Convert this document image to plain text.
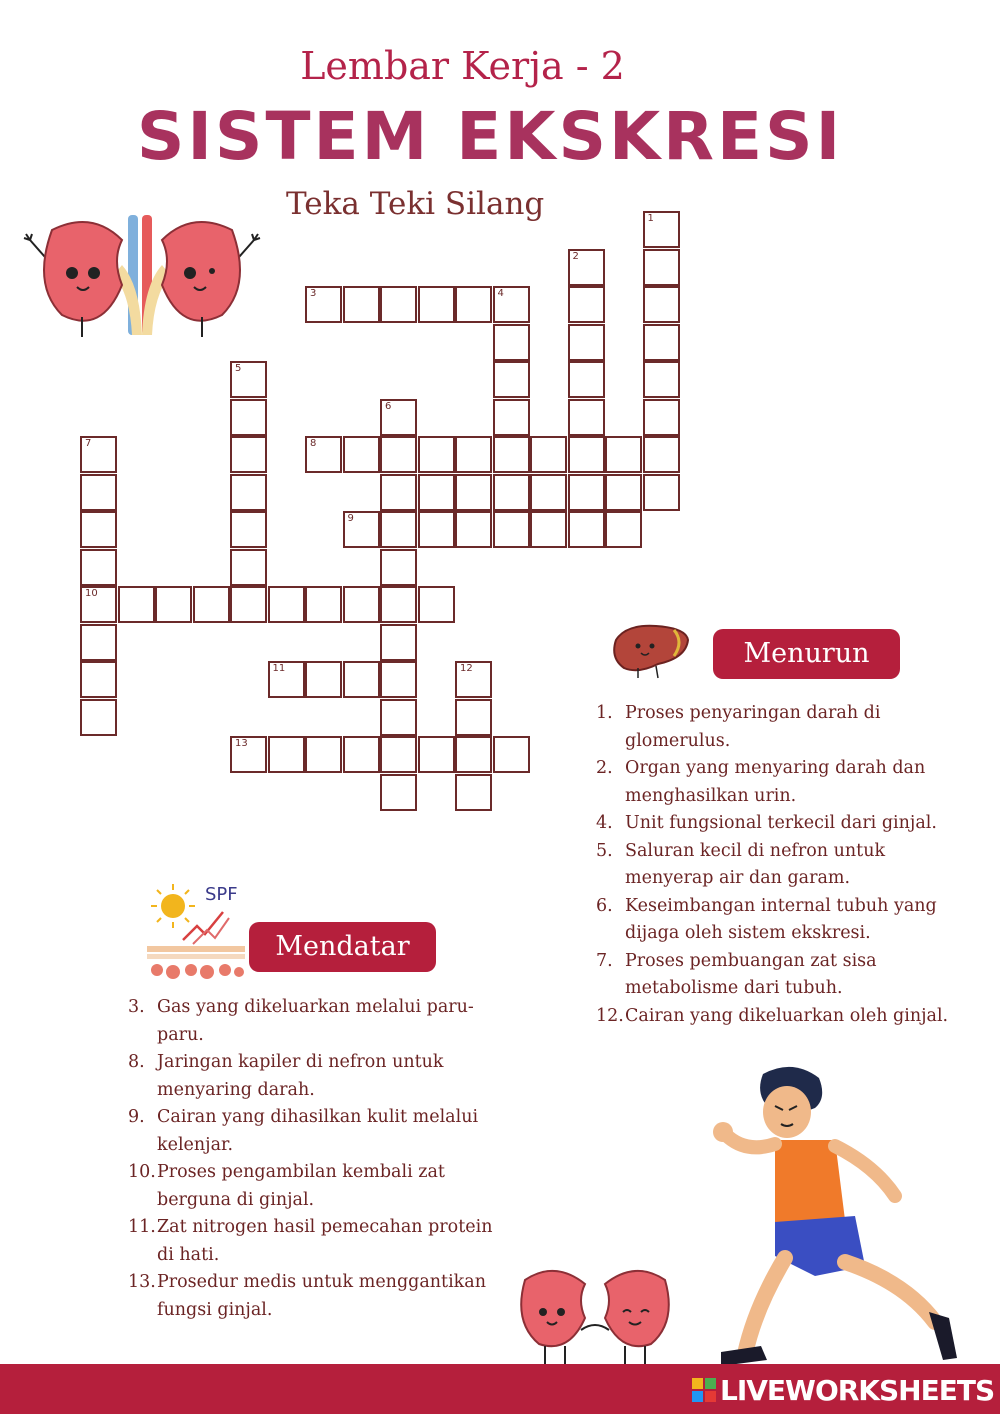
Lembar Kerja - 2
SISTEM EKSKRESI
Teka Teki Silang
3	4
8
9
10
11
13
1
2
5
6
7
12	Menurun
1. Proses penyaringan darah di glomerulus.
2. Organ yang menyaring darah dan menghasilkan urin.
4. Unit fungsional terkecil dari ginjal.
5. Saluran kecil di nefron untuk menyerap air dan garam.
6. Keseimbangan internal tubuh yang dijaga oleh sistem ekskresi.
7. Proses pembuangan zat sisa metabolisme dari tubuh.
12. Cairan yang dikeluarkan oleh ginjal.
SPF
Mendatar
3. Gas yang dikeluarkan melalui paru-paru.
8. Jaringan kapiler di nefron untuk menyaring darah.
9. Cairan yang dihasilkan kulit melalui kelenjar.
10. Proses pengambilan kembali zat berguna di ginjal.
11. Zat nitrogen hasil pemecahan protein di hati.
13. Prosedur medis untuk menggantikan fungsi ginjal.
LIVEWORKSHEETS
